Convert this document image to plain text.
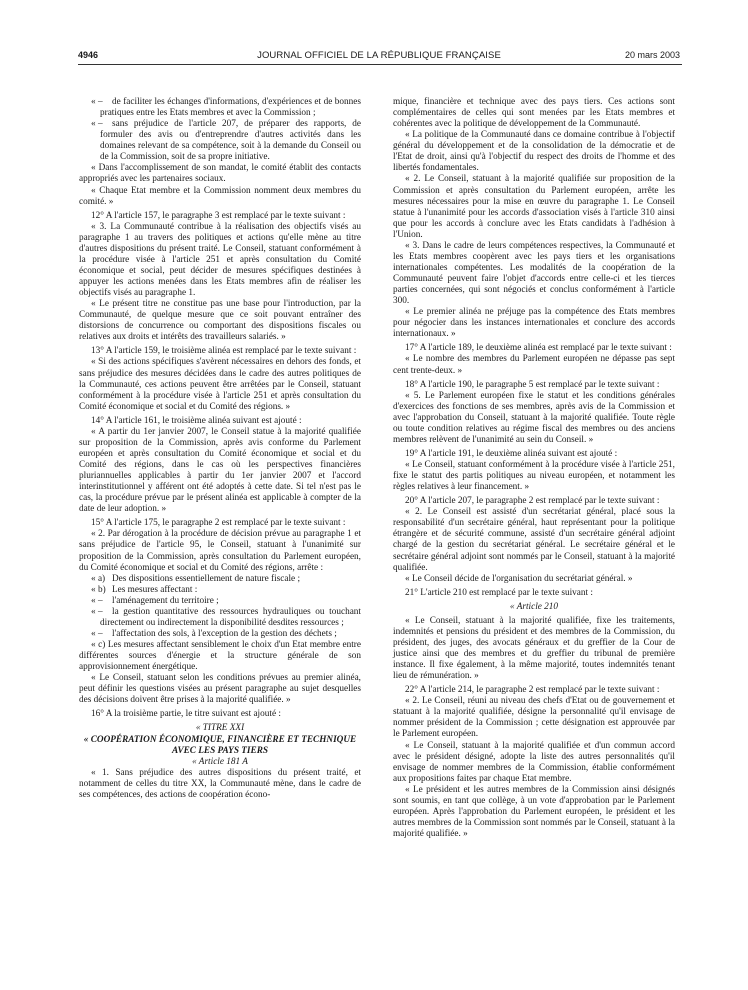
4946	JOURNAL OFFICIEL DE LA RÉPUBLIQUE FRANÇAISE	20 mars 2003

« – de faciliter les échanges d'informations, d'expériences et de bonnes pratiques entre les Etats membres et avec la Commission ;

« – sans préjudice de l'article 207, de préparer des rapports, de formuler des avis ou d'entreprendre d'autres activités dans les domaines relevant de sa compétence, soit à la demande du Conseil ou de la Commission, soit de sa propre initiative.

« Dans l'accomplissement de son mandat, le comité établit des contacts appropriés avec les partenaires sociaux.

« Chaque Etat membre et la Commission nomment deux membres du comité. »

12° A l'article 157, le paragraphe 3 est remplacé par le texte suivant :

« 3. La Communauté contribue à la réalisation des objectifs visés au paragraphe 1 au travers des politiques et actions qu'elle mène au titre d'autres dispositions du présent traité. Le Conseil, statuant conformément à la procédure visée à l'article 251 et après consultation du Comité économique et social, peut décider de mesures spécifiques destinées à appuyer les actions menées dans les Etats membres afin de réaliser les objectifs visés au paragraphe 1.

« Le présent titre ne constitue pas une base pour l'introduction, par la Communauté, de quelque mesure que ce soit pouvant entraîner des distorsions de concurrence ou comportant des dispositions fiscales ou relatives aux droits et intérêts des travailleurs salariés. »

13° A l'article 159, le troisième alinéa est remplacé par le texte suivant :

« Si des actions spécifiques s'avèrent nécessaires en dehors des fonds, et sans préjudice des mesures décidées dans le cadre des autres politiques de la Communauté, ces actions peuvent être arrêtées par le Conseil, statuant conformément à la procédure visée à l'article 251 et après consultation du Comité économique et social et du Comité des régions. »

14° A l'article 161, le troisième alinéa suivant est ajouté :

« A partir du 1er janvier 2007, le Conseil statue à la majorité qualifiée sur proposition de la Commission, après avis conforme du Parlement européen et après consultation du Comité économique et social et du Comité des régions, dans le cas où les perspectives financières pluriannuelles applicables à partir du 1er janvier 2007 et l'accord interinstitutionnel y afférent ont été adoptés à cette date. Si tel n'est pas le cas, la procédure prévue par le présent alinéa est applicable à compter de la date de leur adoption. »

15° A l'article 175, le paragraphe 2 est remplacé par le texte suivant :

« 2. Par dérogation à la procédure de décision prévue au paragraphe 1 et sans préjudice de l'article 95, le Conseil, statuant à l'unanimité sur proposition de la Commission, après consultation du Parlement européen, du Comité économique et social et du Comité des régions, arrête :

« a) Des dispositions essentiellement de nature fiscale ;

« b) Les mesures affectant :

« – l'aménagement du territoire ;

« – la gestion quantitative des ressources hydrauliques ou touchant directement ou indirectement la disponibilité desdites ressources ;

« – l'affectation des sols, à l'exception de la gestion des déchets ;

« c) Les mesures affectant sensiblement le choix d'un Etat membre entre différentes sources d'énergie et la structure générale de son approvisionnement énergétique.

« Le Conseil, statuant selon les conditions prévues au premier alinéa, peut définir les questions visées au présent paragraphe au sujet desquelles des décisions doivent être prises à la majorité qualifiée. »

16° A la troisième partie, le titre suivant est ajouté :

« TITRE XXI

« COOPÉRATION ÉCONOMIQUE, FINANCIÈRE ET TECHNIQUE AVEC LES PAYS TIERS

« Article 181 A

« 1. Sans préjudice des autres dispositions du présent traité, et notamment de celles du titre XX, la Communauté mène, dans le cadre de ses compétences, des actions de coopération écono-

mique, financière et technique avec des pays tiers. Ces actions sont complémentaires de celles qui sont menées par les Etats membres et cohérentes avec la politique de développement de la Communauté.

« La politique de la Communauté dans ce domaine contribue à l'objectif général du développement et de la consolidation de la démocratie et de l'Etat de droit, ainsi qu'à l'objectif du respect des droits de l'homme et des libertés fondamentales.

« 2. Le Conseil, statuant à la majorité qualifiée sur proposition de la Commission et après consultation du Parlement européen, arrête les mesures nécessaires pour la mise en œuvre du paragraphe 1. Le Conseil statue à l'unanimité pour les accords d'association visés à l'article 310 ainsi que pour les accords à conclure avec les Etats candidats à l'adhésion à l'Union.

« 3. Dans le cadre de leurs compétences respectives, la Communauté et les Etats membres coopèrent avec les pays tiers et les organisations internationales compétentes. Les modalités de la coopération de la Communauté peuvent faire l'objet d'accords entre celle-ci et les tierces parties concernées, qui sont négociés et conclus conformément à l'article 300.

« Le premier alinéa ne préjuge pas la compétence des Etats membres pour négocier dans les instances internationales et conclure des accords internationaux. »

17° A l'article 189, le deuxième alinéa est remplacé par le texte suivant :

« Le nombre des membres du Parlement européen ne dépasse pas sept cent trente-deux. »

18° A l'article 190, le paragraphe 5 est remplacé par le texte suivant :

« 5. Le Parlement européen fixe le statut et les conditions générales d'exercices des fonctions de ses membres, après avis de la Commission et avec l'approbation du Conseil, statuant à la majorité qualifiée. Toute règle ou toute condition relatives au régime fiscal des membres ou des anciens membres relèvent de l'unanimité au sein du Conseil. »

19° A l'article 191, le deuxième alinéa suivant est ajouté :

« Le Conseil, statuant conformément à la procédure visée à l'article 251, fixe le statut des partis politiques au niveau européen, et notamment les règles relatives à leur financement. »

20° A l'article 207, le paragraphe 2 est remplacé par le texte suivant :

« 2. Le Conseil est assisté d'un secrétariat général, placé sous la responsabilité d'un secrétaire général, haut représentant pour la politique étrangère et de sécurité commune, assisté d'un secrétaire général adjoint chargé de la gestion du secrétariat général. Le secrétaire général et le secrétaire général adjoint sont nommés par le Conseil, statuant à la majorité qualifiée.

« Le Conseil décide de l'organisation du secrétariat général. »

21° L'article 210 est remplacé par le texte suivant :

« Article 210

« Le Conseil, statuant à la majorité qualifiée, fixe les traitements, indemnités et pensions du président et des membres de la Commission, du président, des juges, des avocats généraux et du greffier de la Cour de justice ainsi que des membres et du greffier du tribunal de première instance. Il fixe également, à la même majorité, toutes indemnités tenant lieu de rémunération. »

22° A l'article 214, le paragraphe 2 est remplacé par le texte suivant :

« 2. Le Conseil, réuni au niveau des chefs d'Etat ou de gouvernement et statuant à la majorité qualifiée, désigne la personnalité qu'il envisage de nommer président de la Commission ; cette désignation est approuvée par le Parlement européen.

« Le Conseil, statuant à la majorité qualifiée et d'un commun accord avec le président désigné, adopte la liste des autres personnalités qu'il envisage de nommer membres de la Commission, établie conformément aux propositions faites par chaque Etat membre.

« Le président et les autres membres de la Commission ainsi désignés sont soumis, en tant que collège, à un vote d'approbation par le Parlement européen. Après l'approbation du Parlement européen, le président et les autres membres de la Commission sont nommés par le Conseil, statuant à la majorité qualifiée. »
